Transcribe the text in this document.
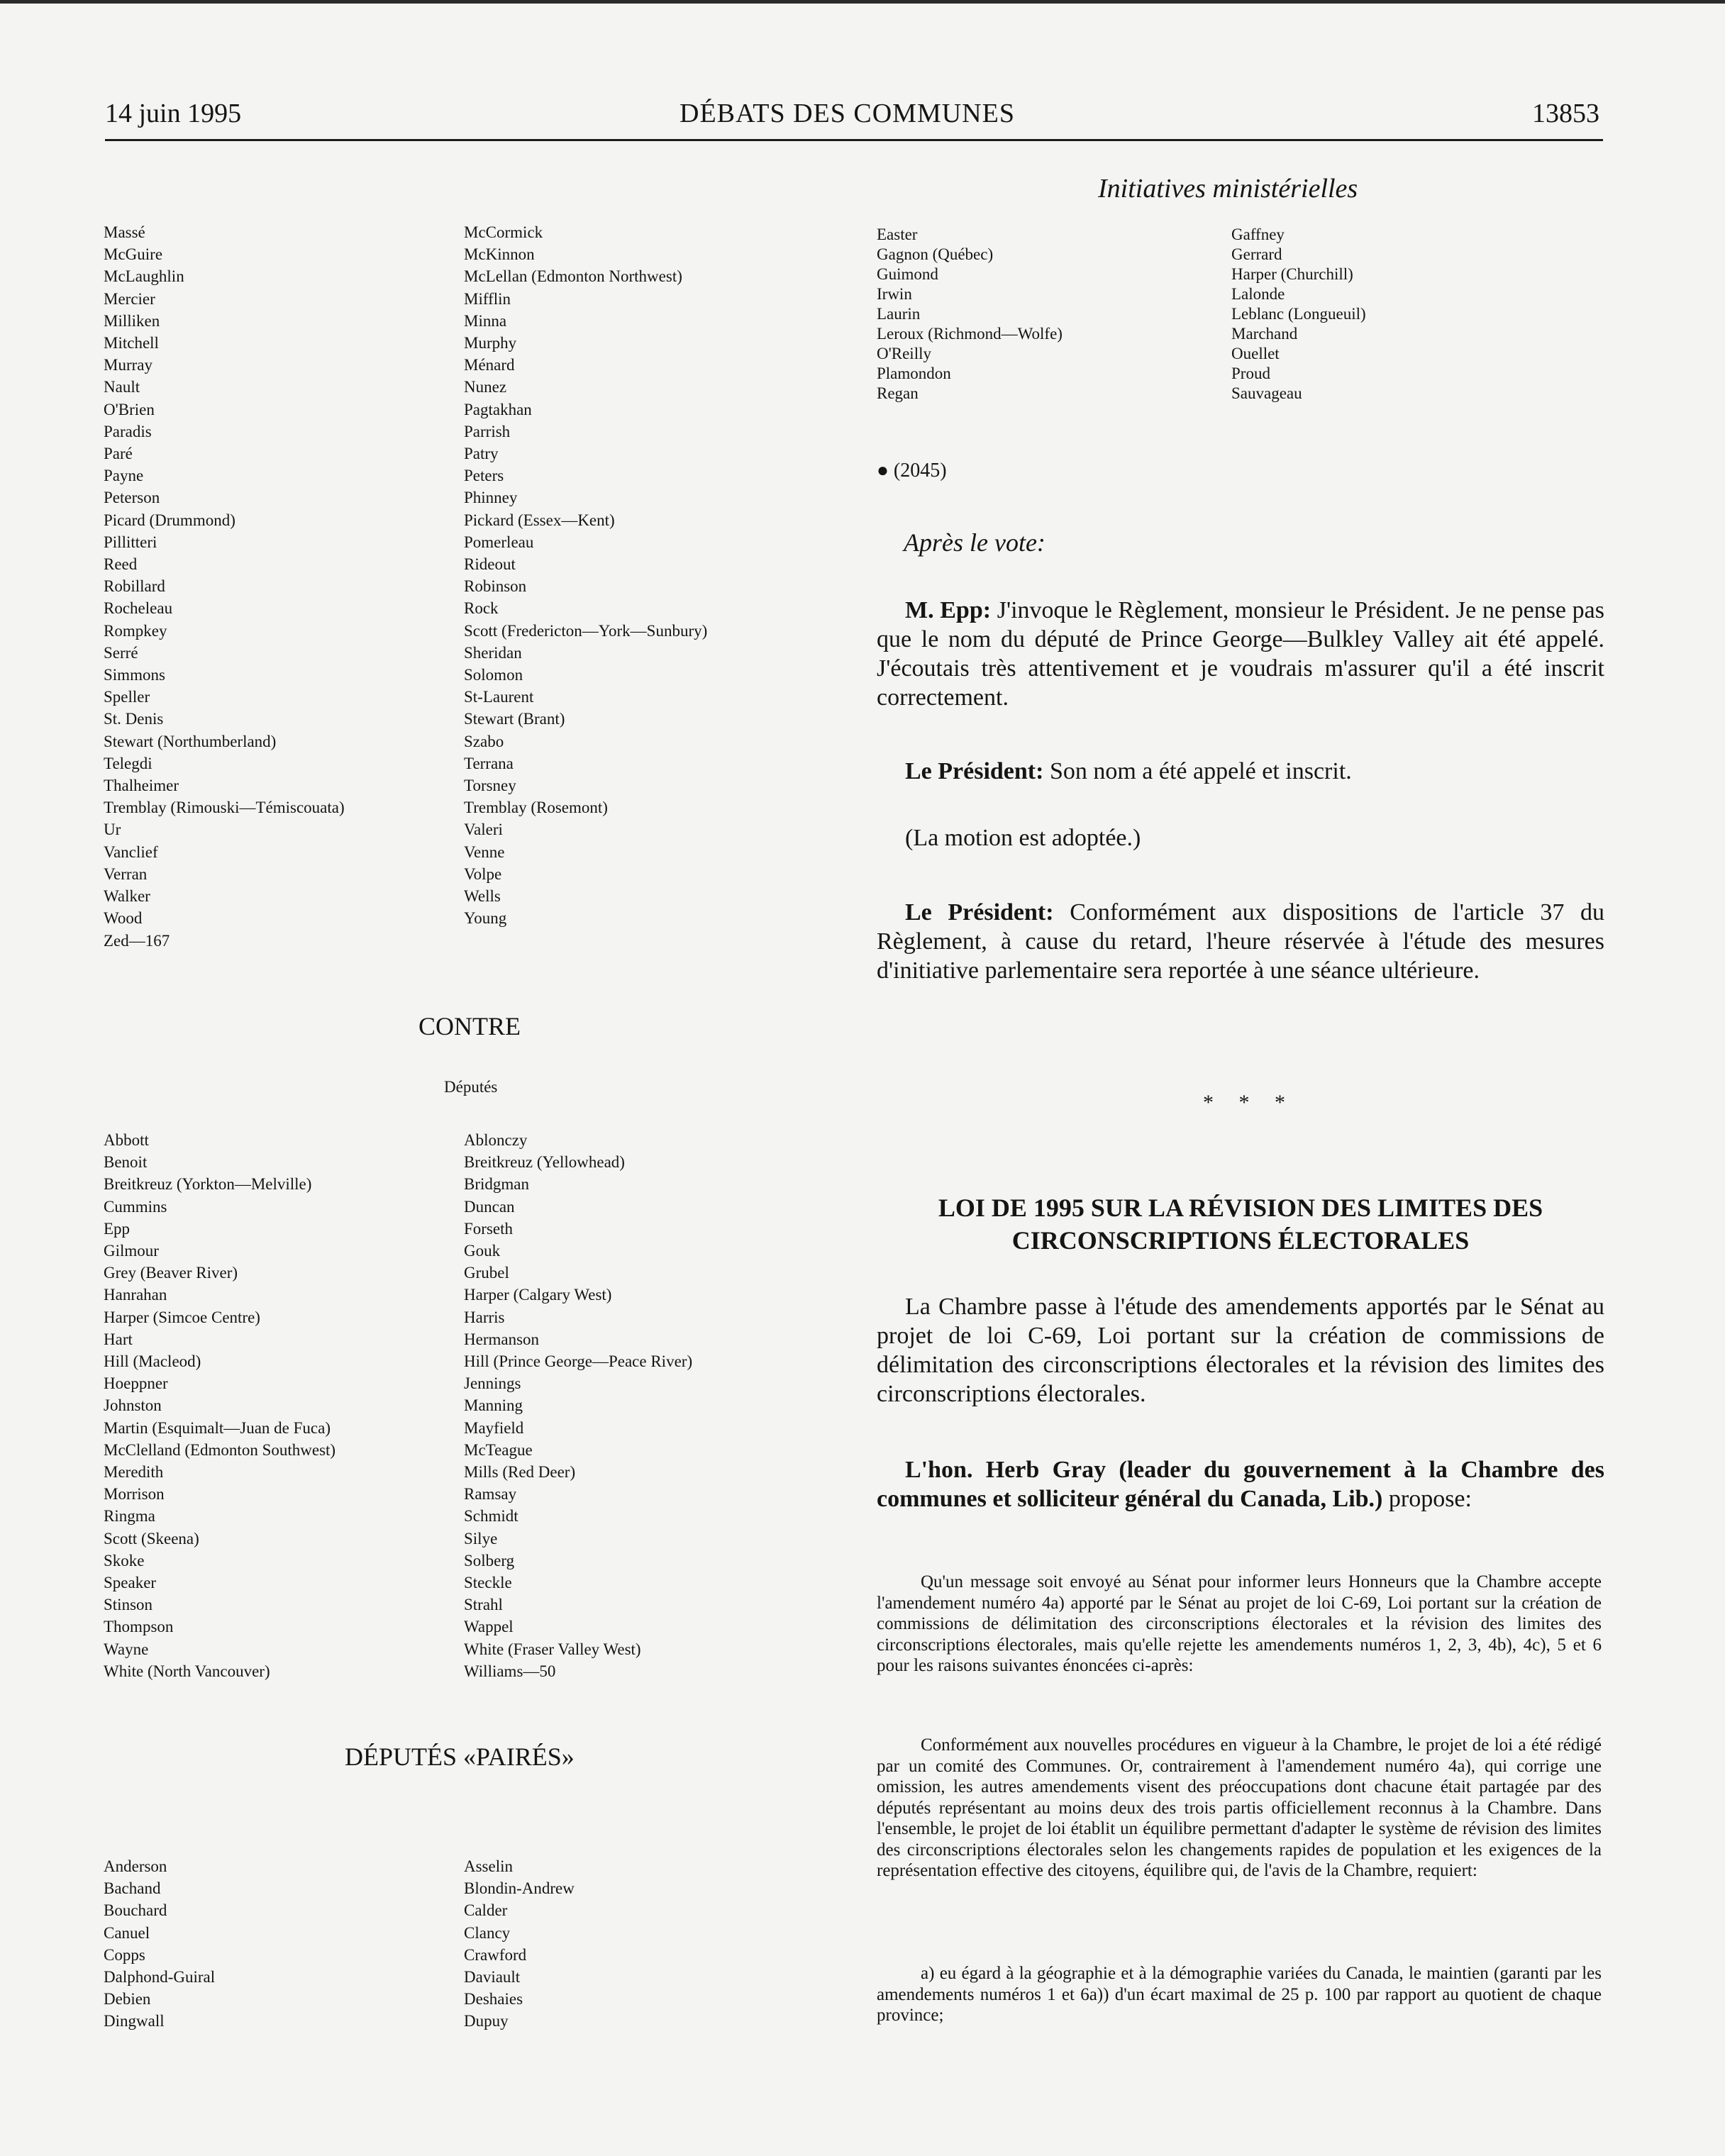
14 juin 1995	DÉBATS DES COMMUNES	13853
Initiatives ministérielles
Massé
McGuire
McLaughlin
Mercier
Milliken
Mitchell
Murray
Nault
O'Brien
Paradis
Paré
Payne
Peterson
Picard (Drummond)
Pillitteri
Reed
Robillard
Rocheleau
Rompkey
Serré
Simmons
Speller
St. Denis
Stewart (Northumberland)
Telegdi
Thalheimer
Tremblay (Rimouski—Témiscouata)
Ur
Vanclief
Verran
Walker
Wood
Zed—167
McCormick
McKinnon
McLellan (Edmonton Northwest)
Mifflin
Minna
Murphy
Ménard
Nunez
Pagtakhan
Parrish
Patry
Peters
Phinney
Pickard (Essex—Kent)
Pomerleau
Rideout
Robinson
Rock
Scott (Fredericton—York—Sunbury)
Sheridan
Solomon
St-Laurent
Stewart (Brant)
Szabo
Terrana
Torsney
Tremblay (Rosemont)
Valeri
Venne
Volpe
Wells
Young
Easter
Gagnon (Québec)
Guimond
Irwin
Laurin
Leroux (Richmond—Wolfe)
O'Reilly
Plamondon
Regan
Gaffney
Gerrard
Harper (Churchill)
Lalonde
Leblanc (Longueuil)
Marchand
Ouellet
Proud
Sauvageau
CONTRE
Députés
Abbott
Benoit
Breitkreuz (Yorkton—Melville)
Cummins
Epp
Gilmour
Grey (Beaver River)
Hanrahan
Harper (Simcoe Centre)
Hart
Hill (Macleod)
Hoeppner
Johnston
Martin (Esquimalt—Juan de Fuca)
McClelland (Edmonton Southwest)
Meredith
Morrison
Ringma
Scott (Skeena)
Skoke
Speaker
Stinson
Thompson
Wayne
White (North Vancouver)
Ablonczy
Breitkreuz (Yellowhead)
Bridgman
Duncan
Forseth
Gouk
Grubel
Harper (Calgary West)
Harris
Hermanson
Hill (Prince George—Peace River)
Jennings
Manning
Mayfield
McTeague
Mills (Red Deer)
Ramsay
Schmidt
Silye
Solberg
Steckle
Strahl
Wappel
White (Fraser Valley West)
Williams—50
DÉPUTÉS «PAIRÉS»
Anderson
Bachand
Bouchard
Canuel
Copps
Dalphond-Guiral
Debien
Dingwall
Asselin
Blondin-Andrew
Calder
Clancy
Crawford
Daviault
Deshaies
Dupuy
● (2045)
Après le vote:

M. Epp: J'invoque le Règlement, monsieur le Président. Je ne pense pas que le nom du député de Prince George—Bulkley Valley ait été appelé. J'écoutais très attentivement et je voudrais m'assurer qu'il a été inscrit correctement.

Le Président: Son nom a été appelé et inscrit.

(La motion est adoptée.)

Le Président: Conformément aux dispositions de l'article 37 du Règlement, à cause du retard, l'heure réservée à l'étude des mesures d'initiative parlementaire sera reportée à une séance ultérieure.

* * *
LOI DE 1995 SUR LA RÉVISION DES LIMITES DES
CIRCONSCRIPTIONS ÉLECTORALES

La Chambre passe à l'étude des amendements apportés par le Sénat au projet de loi C-69, Loi portant sur la création de commissions de délimitation des circonscriptions électorales et la révision des limites des circonscriptions électorales.

L'hon. Herb Gray (leader du gouvernement à la Chambre des communes et solliciteur général du Canada, Lib.) propose:

Qu'un message soit envoyé au Sénat pour informer leurs Honneurs que la Chambre accepte l'amendement numéro 4a) apporté par le Sénat au projet de loi C-69, Loi portant sur la création de commissions de délimitation des circonscriptions électorales et la révision des limites des circonscriptions électorales, mais qu'elle rejette les amendements numéros 1, 2, 3, 4b), 4c), 5 et 6 pour les raisons suivantes énoncées ci-après:

Conformément aux nouvelles procédures en vigueur à la Chambre, le projet de loi a été rédigé par un comité des Communes. Or, contrairement à l'amendement numéro 4a), qui corrige une omission, les autres amendements visent des préoccupations dont chacune était partagée par des députés représentant au moins deux des trois partis officiellement reconnus à la Chambre. Dans l'ensemble, le projet de loi établit un équilibre permettant d'adapter le système de révision des limites des circonscriptions électorales selon les changements rapides de population et les exigences de la représentation effective des citoyens, équilibre qui, de l'avis de la Chambre, requiert:

a) eu égard à la géographie et à la démographie variées du Canada, le maintien (garanti par les amendements numéros 1 et 6a)) d'un écart maximal de 25 p. 100 par rapport au quotient de chaque province;
